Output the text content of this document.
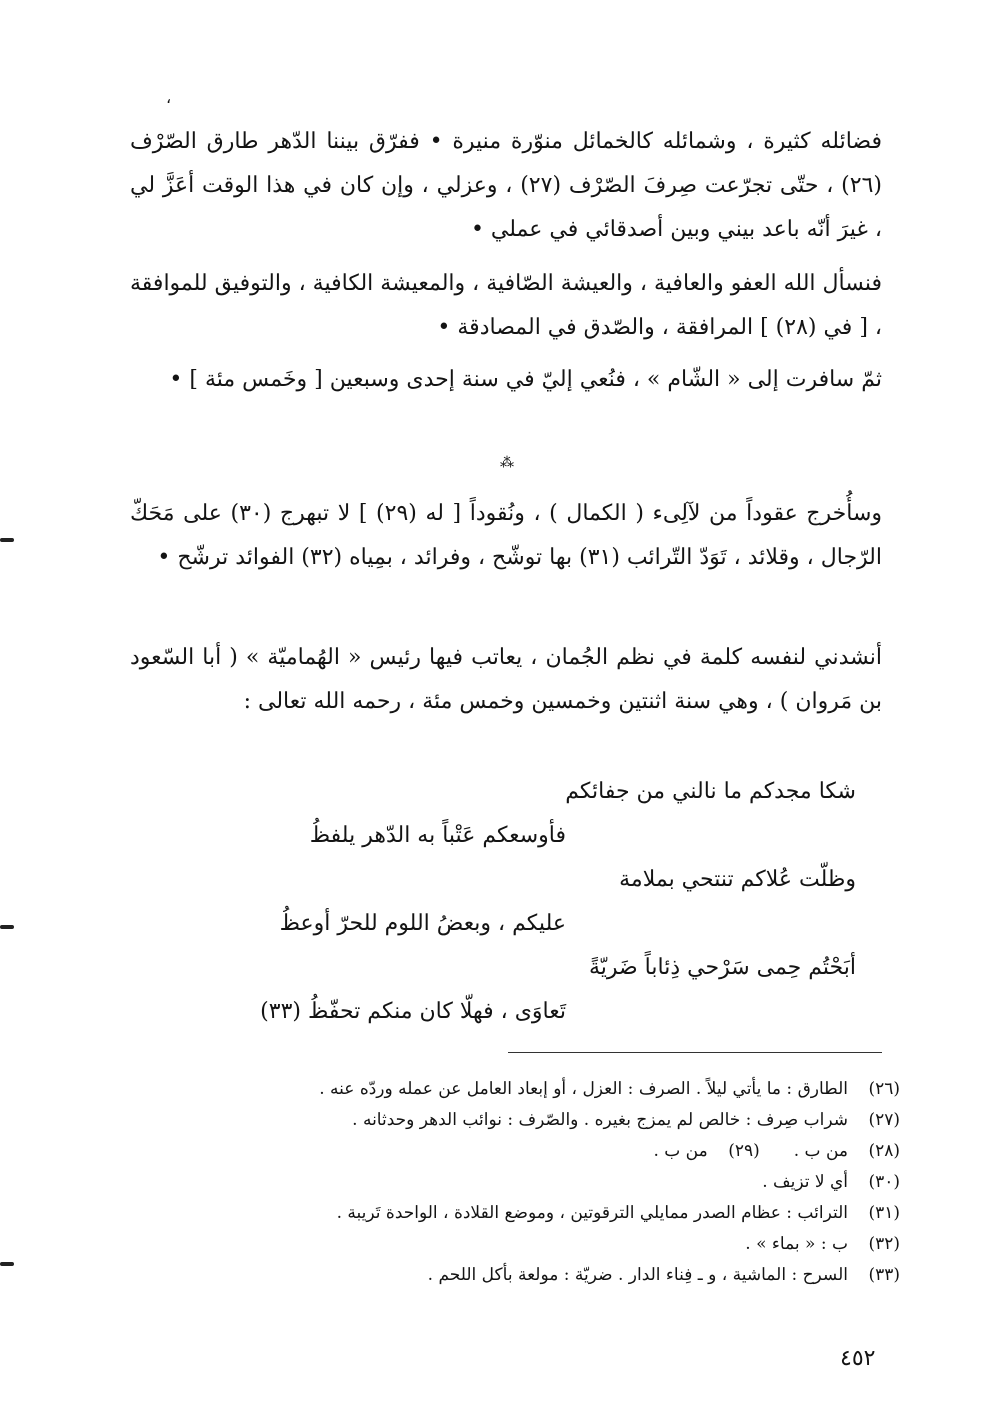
،

فضائله كثيرة ، وشمائله كالخمائل منوّرة منيرة • ففرّق بيننا الدّهر طارق الصّرْف (٢٦) ، حتّى تجرّعت صِرفَ الصّرْف (٢٧) ، وعزلي ، وإن كان في هذا الوقت أعَزَّ لي ، غيرَ أنّه باعد بيني وبين أصدقائي في عملي •

فنسأل الله العفو والعافية ، والعيشة الصّافية ، والمعيشة الكافية ، والتوفيق للموافقة ، [ في (٢٨) ] المرافقة ، والصّدق في المصادقة •

ثمّ سافرت إلى « الشّام » ، فنُعي إليّ في سنة إحدى وسبعين [ وخَمس مئة ] •

⁂

وسأُخرج عقوداً من لآلِىء ( الكمال ) ، ونُقوداً [ له (٢٩) ] لا تبهرج (٣٠) على مَحَكّ الرّجال ، وقلائد ، تَوَدّ التّرائب (٣١) بها توشّح ، وفرائد ، بمِياه (٣٢) الفوائد ترشّح •

أنشدني لنفسه كلمة في نظم الجُمان ، يعاتب فيها رئيس « الهُماميّة » ( أبا السّعود بن مَروان ) ، وهي سنة اثنتين وخمسين وخمس مئة ، رحمه الله تعالى :

شكا مجدكم ما نالني من جفائكم
فأوسعكم عَتْباً به الدّهر يلفظُ
وظلّت عُلاكم تنتحي بملامة
عليكم ، وبعضُ اللوم للحرّ أوعظُ
أبَحْتُم حِمى سَرْحي ذِئاباً ضَريّةً
تَعاوَى ، فهلّا كان منكم تحفّظُ (٣٣)
(٢٦)
الطارق : ما يأتي ليلاً . الصرف : العزل ، أو إبعاد العامل عن عمله وردّه عنه .
(٢٧)
شراب صِرف : خالص لم يمزج بغيره . والصّرف : نوائب الدهر وحدثانه .
(٢٨)
من ب .
(٢٩)
من ب .
(٣٠)
أي لا تزيف .
(٣١)
الترائب : عظام الصدر ممايلي الترقوتين ، وموضع القلادة ، الواحدة تَريبة .
(٣٢)
ب : « بماء » .
(٣٣)
السرح : الماشية ، و ـ فِناء الدار . ضريّة : مولعة بأكل اللحم .
٤٥٢
